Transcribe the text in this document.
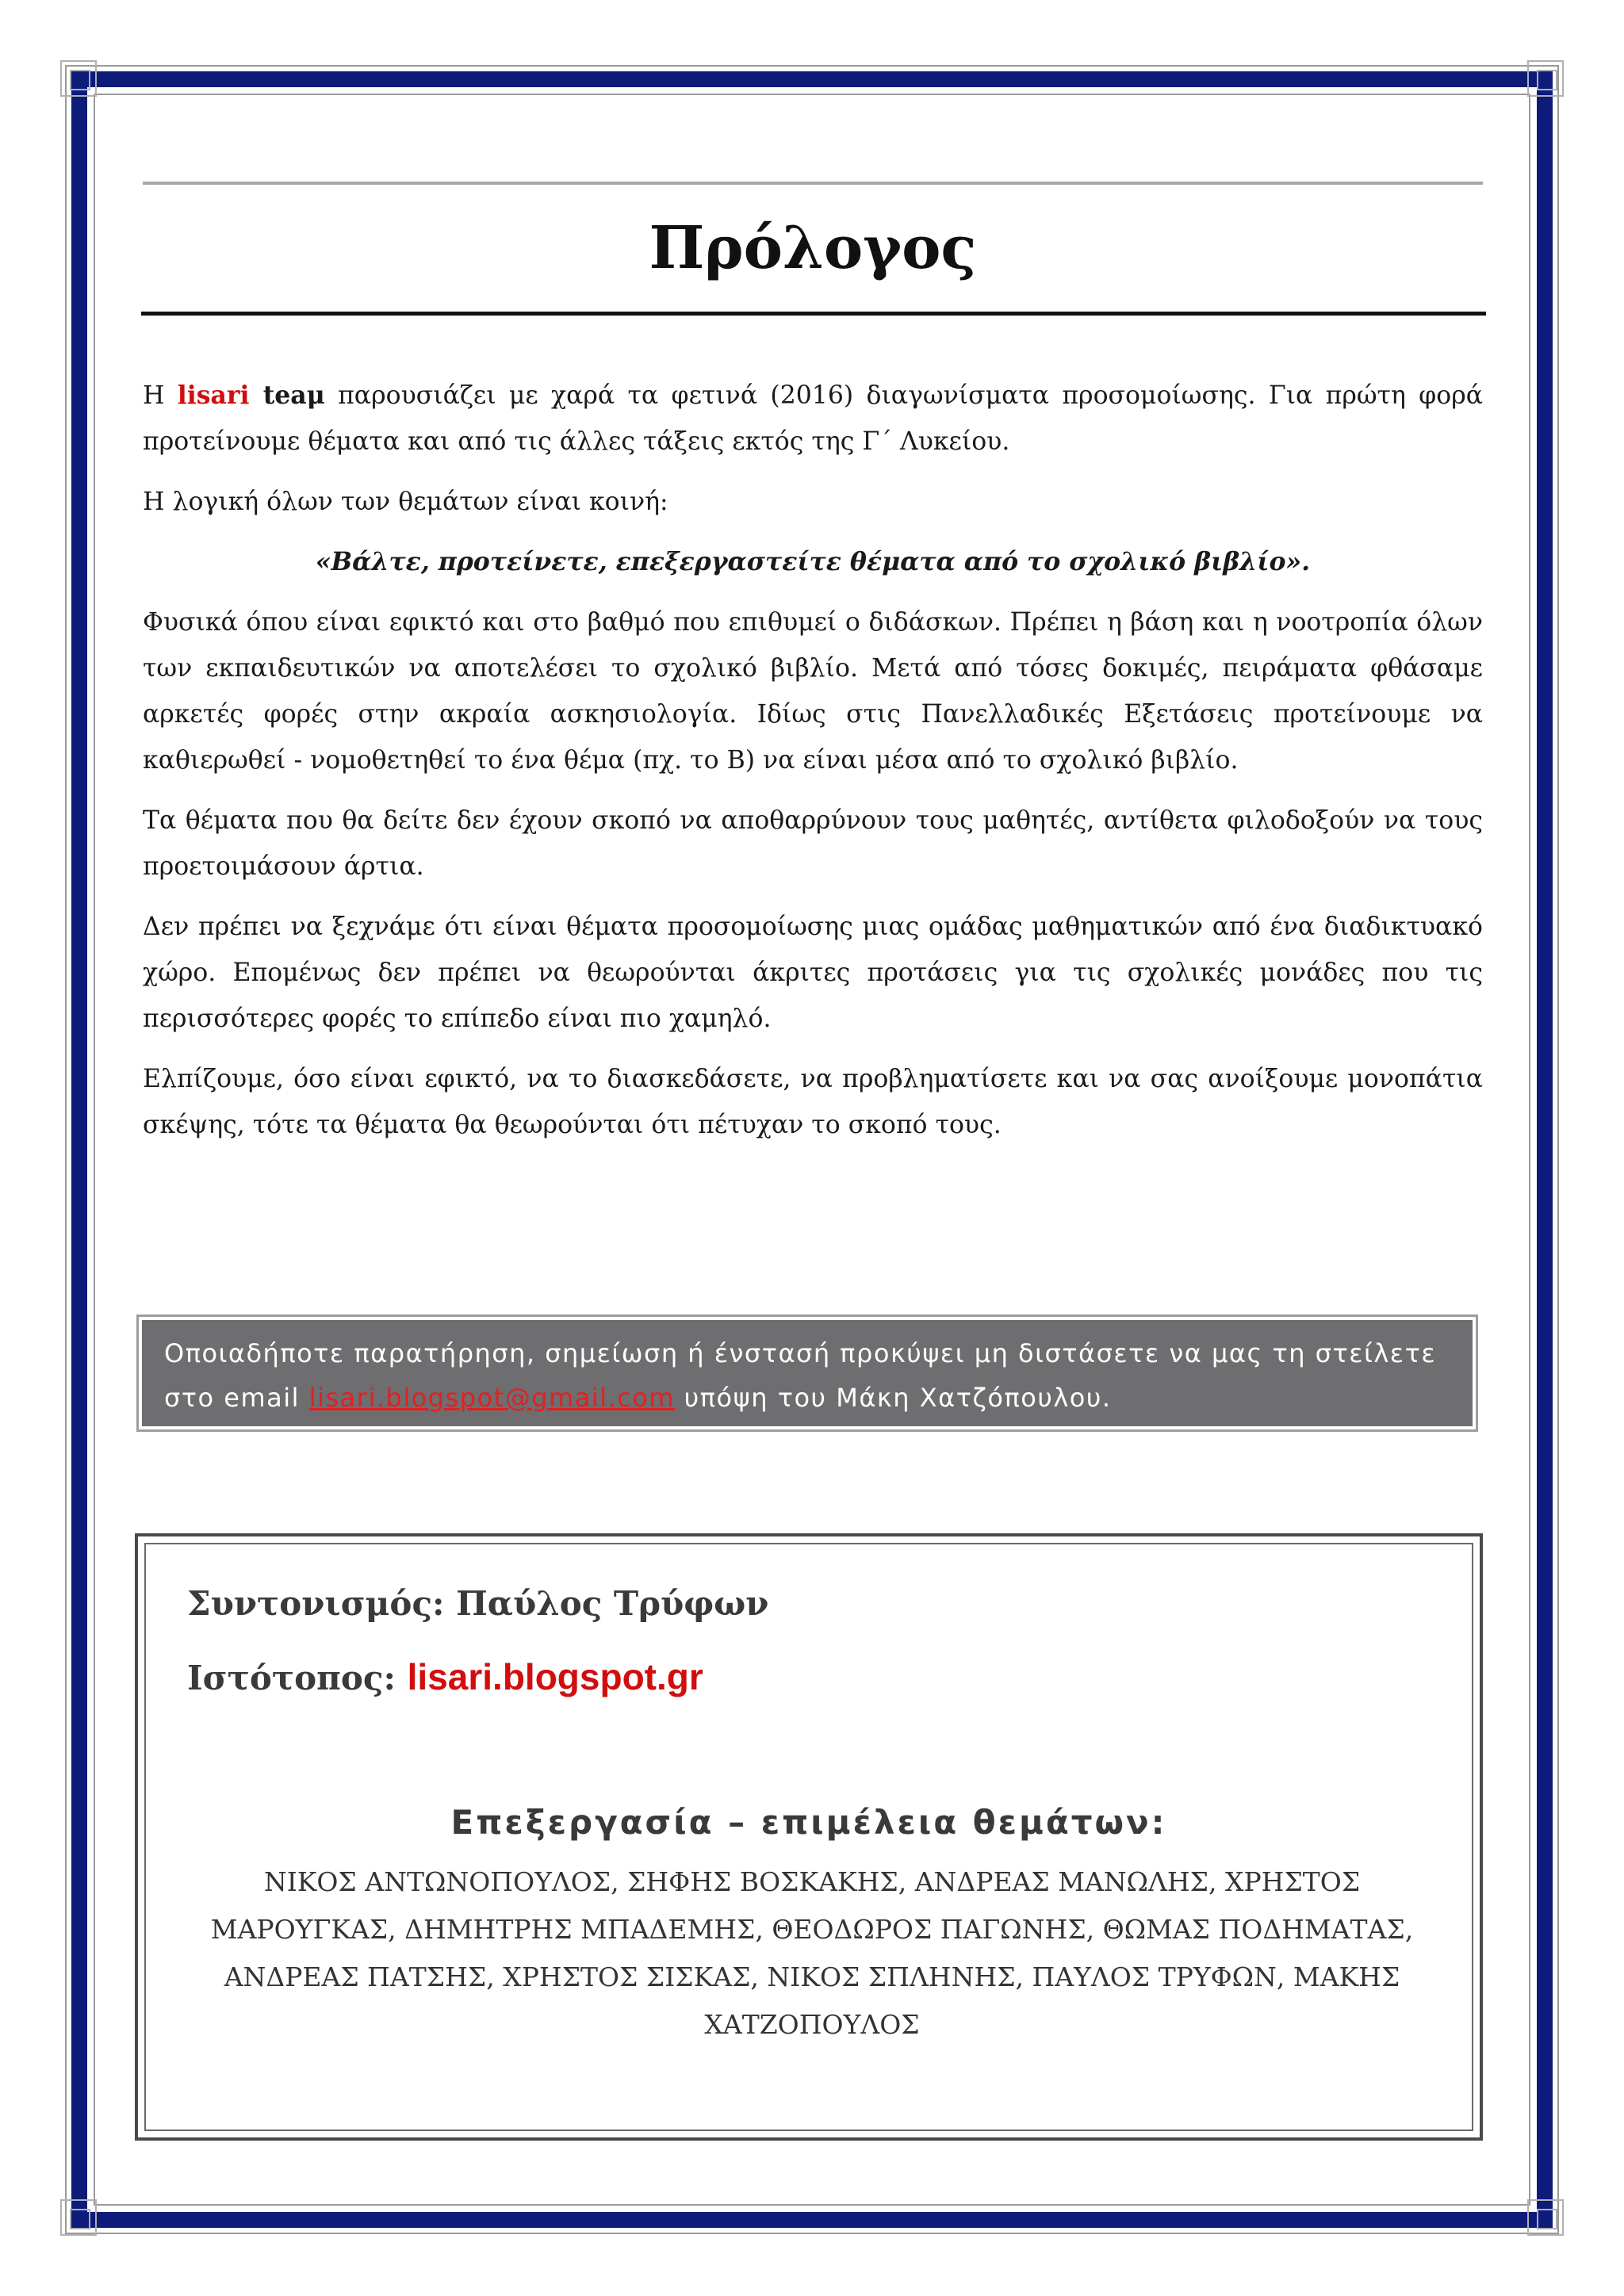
Πρόλογος

Η lisari teaμ παρουσιάζει με χαρά τα φετινά (2016) διαγωνίσματα προσομοίωσης. Για πρώτη φορά προτείνουμε θέματα και από τις άλλες τάξεις εκτός της Γ΄ Λυκείου.

Η λογική όλων των θεμάτων είναι κοινή:

«Βάλτε, προτείνετε, επεξεργαστείτε θέματα από το σχολικό βιβλίο».

Φυσικά όπου είναι εφικτό και στο βαθμό που επιθυμεί ο διδάσκων. Πρέπει η βάση και η νοοτροπία όλων των εκπαιδευτικών να αποτελέσει το σχολικό βιβλίο. Μετά από τόσες δοκιμές, πειράματα φθάσαμε αρκετές φορές στην ακραία ασκησιολογία. Ιδίως στις Πανελλαδικές Εξετάσεις προτείνουμε να καθιερωθεί - νομοθετηθεί το ένα θέμα (πχ. το Β) να είναι μέσα από το σχολικό βιβλίο.

Τα θέματα που θα δείτε δεν έχουν σκοπό να αποθαρρύνουν τους μαθητές, αντίθετα φιλοδοξούν να τους προετοιμάσουν άρτια.

Δεν πρέπει να ξεχνάμε ότι είναι θέματα προσομοίωσης μιας ομάδας μαθηματικών από ένα διαδικτυακό χώρο. Επομένως δεν πρέπει να θεωρούνται άκριτες προτάσεις για τις σχολικές μονάδες που τις περισσότερες φορές το επίπεδο είναι πιο χαμηλό.

Ελπίζουμε, όσο είναι εφικτό, να το διασκεδάσετε, να προβληματίσετε και να σας ανοίξουμε μονοπάτια σκέψης, τότε τα θέματα θα θεωρούνται ότι πέτυχαν το σκοπό τους.

Οποιαδήποτε παρατήρηση, σημείωση ή ένστασή προκύψει μη διστάσετε να μας τη στείλετε στο email lisari.blogspot@gmail.com υπόψη του Μάκη Χατζόπουλου.
Συντονισμός: Παύλος Τρύφων
Ιστότοπος: lisari.blogspot.gr
Επεξεργασία – επιμέλεια θεμάτων:
ΝΙΚΟΣ ΑΝΤΩΝΟΠΟΥΛΟΣ, ΣΗΦΗΣ ΒΟΣΚΑΚΗΣ, ΑΝΔΡΕΑΣ ΜΑΝΩΛΗΣ, ΧΡΗΣΤΟΣ ΜΑΡΟΥΓΚΑΣ, ΔΗΜΗΤΡΗΣ ΜΠΑΔΕΜΗΣ, ΘΕΟΔΩΡΟΣ ΠΑΓΩΝΗΣ, ΘΩΜΑΣ ΠΟΔΗΜΑΤΑΣ, ΑΝΔΡΕΑΣ ΠΑΤΣΗΣ, ΧΡΗΣΤΟΣ ΣΙΣΚΑΣ, ΝΙΚΟΣ ΣΠΛΗΝΗΣ, ΠΑΥΛΟΣ ΤΡΥΦΩΝ, ΜΑΚΗΣ ΧΑΤΖΟΠΟΥΛΟΣ
